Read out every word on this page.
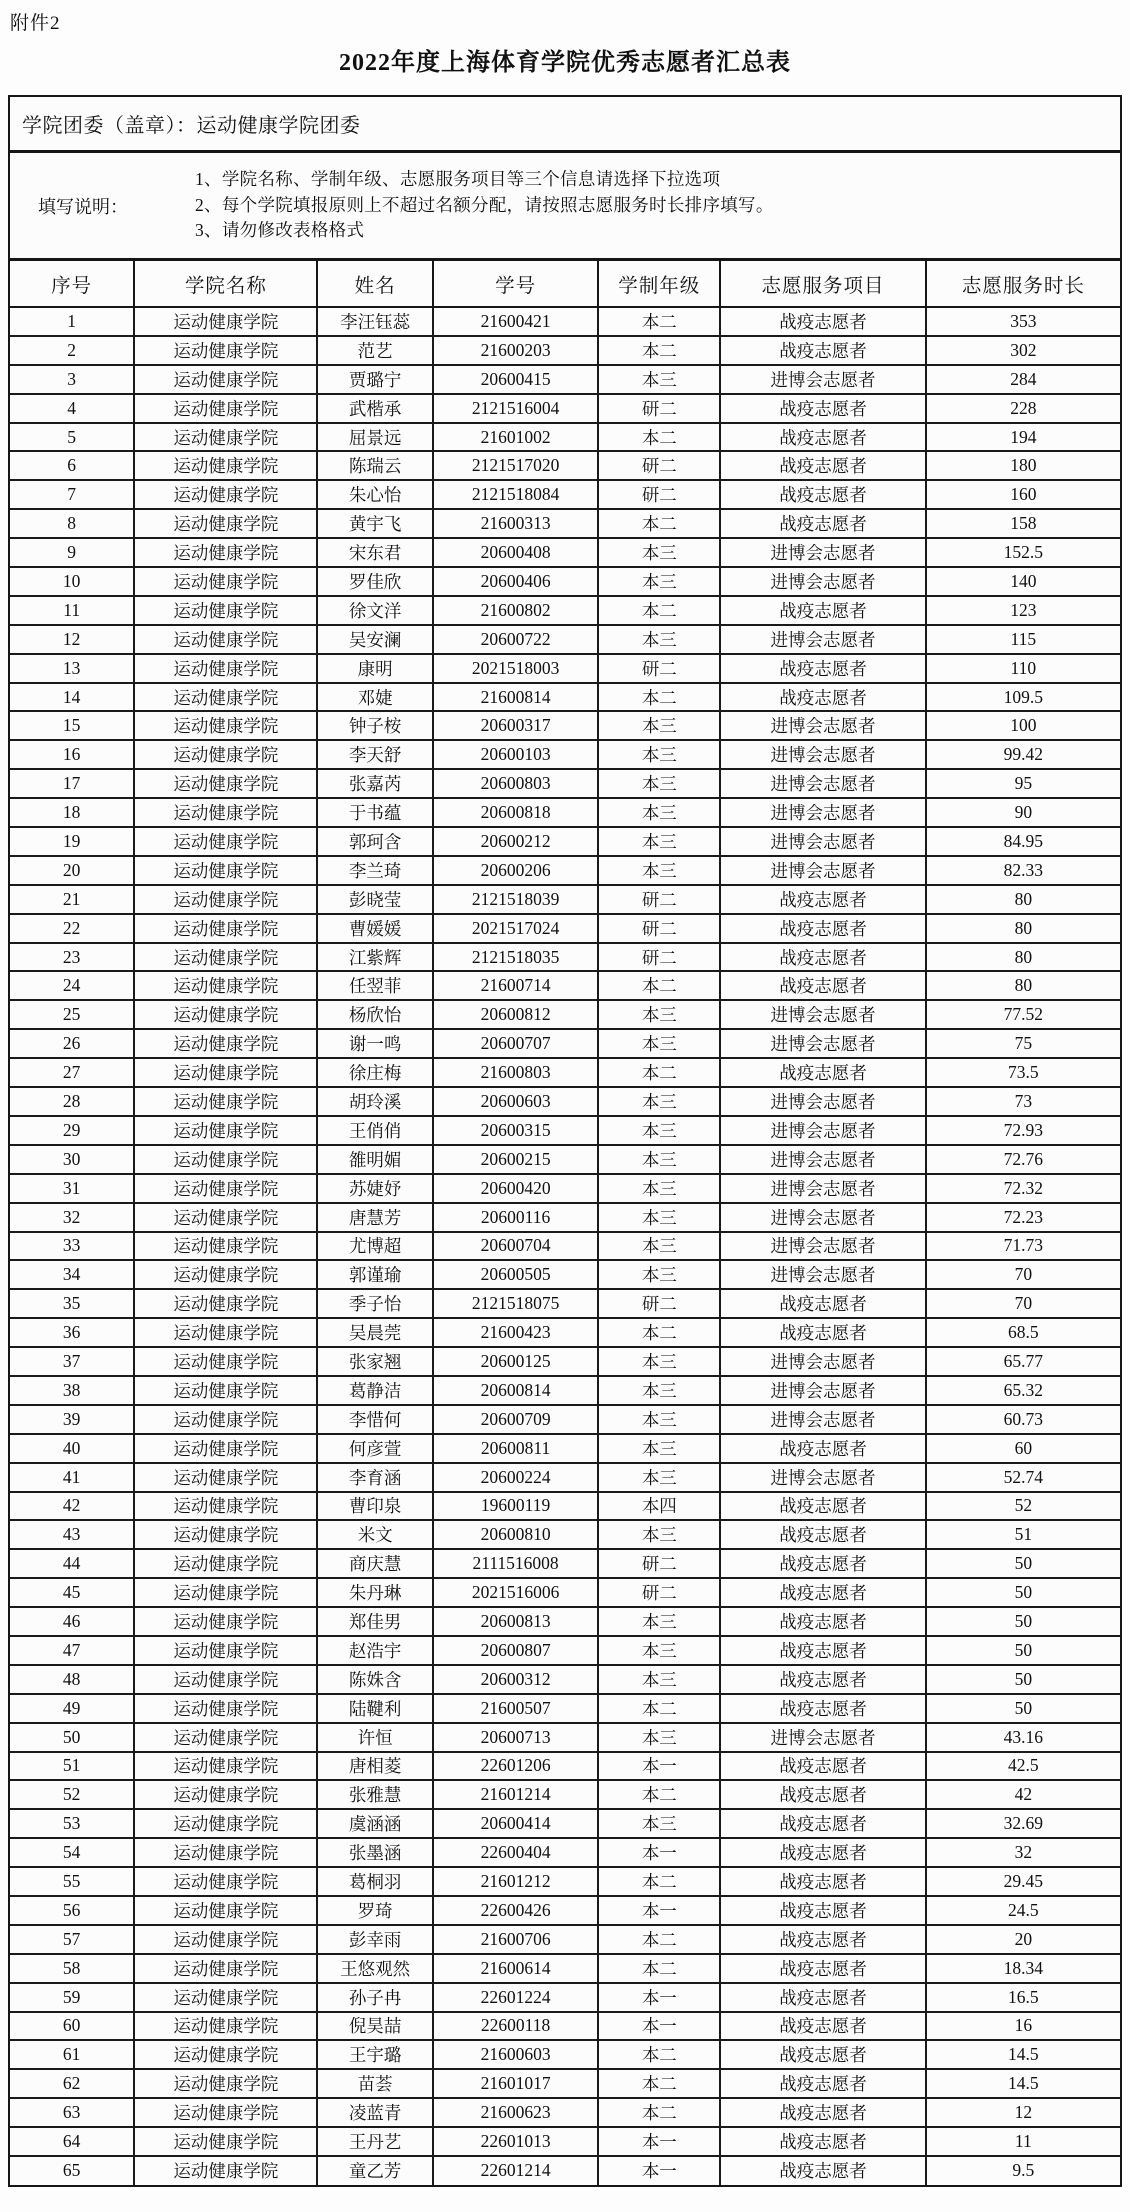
附件2
2022年度上海体育学院优秀志愿者汇总表
学院团委（盖章）： 运动健康学院团委
填写说明：
1、学院名称、学制年级、志愿服务项目等三个信息请选择下拉选项
2、每个学院填报原则上不超过名额分配，请按照志愿服务时长排序填写。
3、请勿修改表格格式
序号	学院名称	姓名	学号	学制年级	志愿服务项目	志愿服务时长
1	运动健康学院	李汪钰蕊	21600421	本二	战疫志愿者	353
2	运动健康学院	范艺	21600203	本二	战疫志愿者	302
3	运动健康学院	贾璐宁	20600415	本三	进博会志愿者	284
4	运动健康学院	武楷承	2121516004	研二	战疫志愿者	228
5	运动健康学院	屈景远	21601002	本二	战疫志愿者	194
6	运动健康学院	陈瑞云	2121517020	研二	战疫志愿者	180
7	运动健康学院	朱心怡	2121518084	研二	战疫志愿者	160
8	运动健康学院	黄宇飞	21600313	本二	战疫志愿者	158
9	运动健康学院	宋东君	20600408	本三	进博会志愿者	152.5
10	运动健康学院	罗佳欣	20600406	本三	进博会志愿者	140
11	运动健康学院	徐文洋	21600802	本二	战疫志愿者	123
12	运动健康学院	吴安澜	20600722	本三	进博会志愿者	115
13	运动健康学院	康明	2021518003	研二	战疫志愿者	110
14	运动健康学院	邓婕	21600814	本二	战疫志愿者	109.5
15	运动健康学院	钟子桉	20600317	本三	进博会志愿者	100
16	运动健康学院	李天舒	20600103	本三	进博会志愿者	99.42
17	运动健康学院	张嘉芮	20600803	本三	进博会志愿者	95
18	运动健康学院	于书蕴	20600818	本三	进博会志愿者	90
19	运动健康学院	郭珂含	20600212	本三	进博会志愿者	84.95
20	运动健康学院	李兰琦	20600206	本三	进博会志愿者	82.33
21	运动健康学院	彭晓莹	2121518039	研二	战疫志愿者	80
22	运动健康学院	曹媛媛	2021517024	研二	战疫志愿者	80
23	运动健康学院	江紫辉	2121518035	研二	战疫志愿者	80
24	运动健康学院	任翌菲	21600714	本二	战疫志愿者	80
25	运动健康学院	杨欣怡	20600812	本三	进博会志愿者	77.52
26	运动健康学院	谢一鸣	20600707	本三	进博会志愿者	75
27	运动健康学院	徐庄梅	21600803	本二	战疫志愿者	73.5
28	运动健康学院	胡玲溪	20600603	本三	进博会志愿者	73
29	运动健康学院	王俏俏	20600315	本三	进博会志愿者	72.93
30	运动健康学院	雒明媚	20600215	本三	进博会志愿者	72.76
31	运动健康学院	苏婕妤	20600420	本三	进博会志愿者	72.32
32	运动健康学院	唐慧芳	20600116	本三	进博会志愿者	72.23
33	运动健康学院	尤博超	20600704	本三	进博会志愿者	71.73
34	运动健康学院	郭谨瑜	20600505	本三	进博会志愿者	70
35	运动健康学院	季子怡	2121518075	研二	战疫志愿者	70
36	运动健康学院	吴晨莞	21600423	本二	战疫志愿者	68.5
37	运动健康学院	张家翘	20600125	本三	进博会志愿者	65.77
38	运动健康学院	葛静洁	20600814	本三	进博会志愿者	65.32
39	运动健康学院	李惜何	20600709	本三	进博会志愿者	60.73
40	运动健康学院	何彦萱	20600811	本三	战疫志愿者	60
41	运动健康学院	李育涵	20600224	本三	进博会志愿者	52.74
42	运动健康学院	曹印泉	19600119	本四	战疫志愿者	52
43	运动健康学院	米文	20600810	本三	战疫志愿者	51
44	运动健康学院	商庆慧	2111516008	研二	战疫志愿者	50
45	运动健康学院	朱丹琳	2021516006	研二	战疫志愿者	50
46	运动健康学院	郑佳男	20600813	本三	战疫志愿者	50
47	运动健康学院	赵浩宇	20600807	本三	战疫志愿者	50
48	运动健康学院	陈姝含	20600312	本三	战疫志愿者	50
49	运动健康学院	陆鞬利	21600507	本二	战疫志愿者	50
50	运动健康学院	许恒	20600713	本三	进博会志愿者	43.16
51	运动健康学院	唐相菱	22601206	本一	战疫志愿者	42.5
52	运动健康学院	张雅慧	21601214	本二	战疫志愿者	42
53	运动健康学院	虞涵涵	20600414	本三	战疫志愿者	32.69
54	运动健康学院	张墨涵	22600404	本一	战疫志愿者	32
55	运动健康学院	葛桐羽	21601212	本二	战疫志愿者	29.45
56	运动健康学院	罗琦	22600426	本一	战疫志愿者	24.5
57	运动健康学院	彭幸雨	21600706	本二	战疫志愿者	20
58	运动健康学院	王悠观然	21600614	本二	战疫志愿者	18.34
59	运动健康学院	孙子冉	22601224	本一	战疫志愿者	16.5
60	运动健康学院	倪昊喆	22600118	本一	战疫志愿者	16
61	运动健康学院	王宇璐	21600603	本二	战疫志愿者	14.5
62	运动健康学院	苗荟	21601017	本二	战疫志愿者	14.5
63	运动健康学院	凌蓝青	21600623	本二	战疫志愿者	12
64	运动健康学院	王丹艺	22601013	本一	战疫志愿者	11
65	运动健康学院	童乙芳	22601214	本一	战疫志愿者	9.5
